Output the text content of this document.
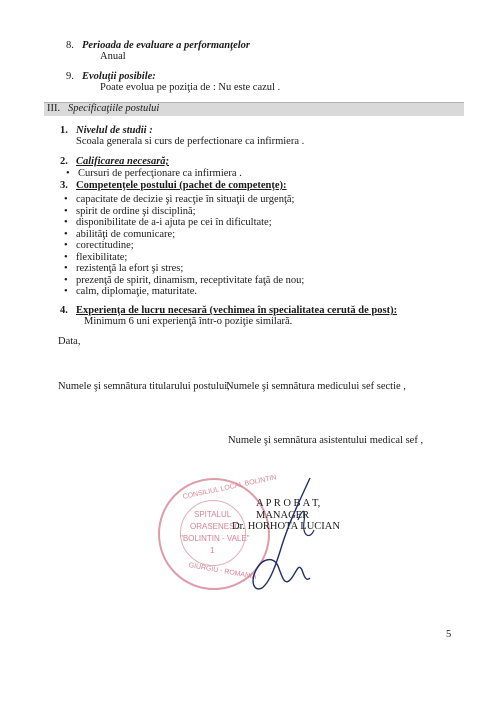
8. Perioada de evaluare a performanţelor
Anual
9. Evoluţii posibile:
Poate evolua pe poziţia de : Nu este cazul .
III. Specificaţiile postului
1. Nivelul de studii :
Scoala generala si curs de perfectionare ca infirmiera .
2. Calificarea necesară;
• Cursuri de perfecţionare ca infirmiera .
3. Competenţele postului (pachet de competenţe):
• capacitate de decizie şi reacţie în situaţii de urgenţă;
• spirit de ordine şi disciplină;
• disponibilitate de a-i ajuta pe cei în dificultate;
• abilităţi de comunicare;
• corectitudine;
• flexibilitate;
• rezistenţă la efort şi stres;
• prezenţă de spirit, dinamism, receptivitate faţă de nou;
• calm, diplomaţie, maturitate.
4. Experienţa de lucru necesară (vechimea în specialitatea cerută de post):
Minimum 6 uni experienţă într-o poziţie similară.
Data,
Numele şi semnătura titularului postului,
Numele şi semnătura medicului sef sectie ,
Numele şi semnătura asistentului medical sef ,
CONSILIUL LOCAL BOLINTIN
SPITALUL
ORASENESC
"BOLINTIN - VALE"
1
GIURGIU - ROMANIA
A P R O B A T,
MANAGER
Dr. HORHOTA LUCIAN
5
